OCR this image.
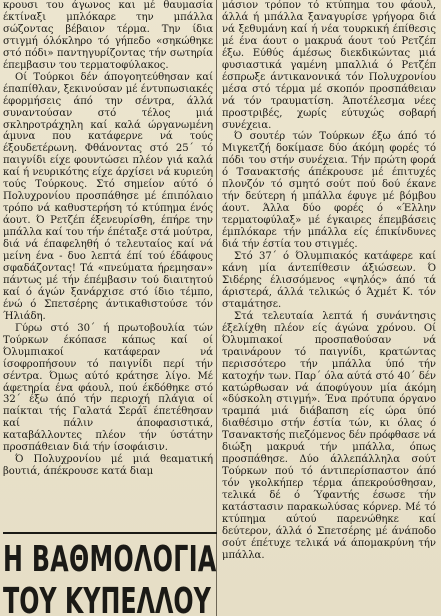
κρουσι του άγωνος και μέ θαυμασία έκτίναξι μπλόκαρε την μπάλλα σώζοντας βέβαιον τέρμα. Την ίδια στιγμή όλόκληρο τό γήπεδο «σηκώθηκε στό πόδι» παντηγυρίζοντας τήν σωτηρία έπεμβασιν του τερματοφύλακος.

Οί Τούρκοι δέν άπογοητεύθησαν καί έπαπίθλαν, ξεκινούσαν μέ έντυπωσιακές έφορμήσεις άπό την σέντρα, άλλά συναντούσαν στό τέλος μιά σκληροτράχηλη καί καλά ώργανωμένη άμυνα που κατάφερνε νά τούς έξουδετέρωνη. Φθάνοντας στό 25΄ τό παιγνίδι είχε φουντώσει πλέον γιά καλά καί ή νευρικότης είχε άρχίσει νά κυριεύη τούς Τούρκους. Στό σημείον αύτό ό Πολυχρονίου προσπάθησε μέ έπιπόλαιο τρόπο νά καθυστερήση τό κτύπημα ένός άουτ. Ό Ρετζέπ έξενευρίσθη, έπήρε την μπάλλα καί του τήν έπέταξε στά μούτρα, διά νά έπαφεληθή ό τελευταίος καί νά μείνη ένα - δυο λεπτά έπί τού έδάφους σφαδάζοντας! Τά «πνεύματα ήρεμησαν» πάντως μέ τήν έπέμβασιν τού διαιτητού καί ό άγών ξανάρχισε στό ίδιο τέμπο, ένώ ό Σπετσέρης άντικαθιστούσε τόν Ήλιάδη.

Γύρω στό 30΄ ή πρωτοβουλία τών Τούρκων έκόπασε κάπως καί οί Όλυμπιακοί κατάφεραν νά ίσοφροπήσουν τό παιγνίδι περί τήν σέντρα. Όμως αύτό κράτησε λίγο. Μέ άφετηρία ένα φάουλ, πού έκδόθηκε στό 32΄ έξω άπό τήν περιοχή πλάγια οί παίκται τής Γαλατά Σεράϊ έπετέθησαν καί πάλιν άποφασιστικά, καταβάλλοντες πλέον τήν ύστάτην προσπάθειαν διά τήν ίσοφάισιν.

Ό Πολυχρονίου μέ μιά θεαματική βουτιά, άπέκρουσε κατά διαμ

μάσιον τρόπον τό κτύπημα του φάουλ, άλλά ή μπάλλα ξαναγυρίσε γρήγορα διά νά ξεθυμάνη καί ή νέα τουρκική έπίθεσις μέ ένα άουτ ο μακρυά άουτ τού Ρετζέπ έξω. Εύθύς άμέσως διεκδικώντας μιά φυσιαστικά γαμένη μπαλλιά ό Ρετζέπ έσπρωξε άντικανονικά τόν Πολυχρονίου μέσα στό τέρμα μέ σκοπόν προσπάθειαν νά τόν τραυματίση. Άποτέλεσμα νέες προστριβές, χωρίς εύτυχώς σοβαρή συνέχεια.

Ό σουτέρ τών Τούρκων έξω άπό τό Μιγκετζή δοκίμασε δύο άκόμη φορές τό πόδι του στήν συνέχεια. Τήν πρώτη φορά ό Τσανακτσής άπέκρουσε μέ έπιτυχές πλονζόν τό σμητό σούτ πού δού έκανε τήν δεύτερη ή μπάλλα έφυγε μέ βόμβου άουτ. Άλλα δύο φορές ό «Έλλην τερματοφύλαξ» μέ έγκαιρες έπεμβάσεις έμπλόκαρε τήν μπάλλα είς έπικίνδυνες διά τήν έστία του στιγμές.

Στό 37΄ ό Όλυμπιακός κατάφερε καί κάνη μία άντεπίθεσιν άξιώσεων. Ό Σιδέρης έλισσόμενος «ψηλός» άπό τά άριστερά, άλλά τελικώς ό Άχμέτ Κ. τόν σταμάτησε.

Στά τελευταία λεπτά ή συνάντησις έξελίχθη πλέον είς άγώνα χρόνου. Οί Όλυμπιακοί προσπαθούσαν νά τραινάρουν τό παιγνίδι, κρατώντας περισσότερο τήν μπάλλα ύπό τήν κατοχήν των. Παρ΄ όλα αύτά στό 40΄ δέν κατώρθωσαν νά άποφύγουν μία άκόμη «δύσκολη στιγμή». Ένα πρότυπα όργανο τραμπά μιά διάβαπση είς ώρα ύπό διαθέσιμο στήν έστία τών, κι όλας ό Τσανακτσής πιεζόμενος δέν πρόφθασε νά διώξη μακρυά τήν μπάλλα, όπως προσπάθησε. Δύο άλλεπάλληλα σούτ Τούρκων πού τό άντιπερίσπαστον άπό τόν γκολκήπερ τέρμα άπεκρούσθησαν, τελικά δέ ό Ύφαντής έσωσε τήν κατάστασιν παρακωλύσας κόρνερ. Μέ τό κτύπημα αύτού παρενώθηκε καί δεύτερον, άλλά ό Σπετσέρης μέ άνάποδο σούτ έπέτυχε τελικά νά άπομακρύνη τήν μπάλλα.

Η ΒΑΘΜΟΛΟΓΙΑ
ΤΟΥ ΚΥΠΕΛΛΟΥ
